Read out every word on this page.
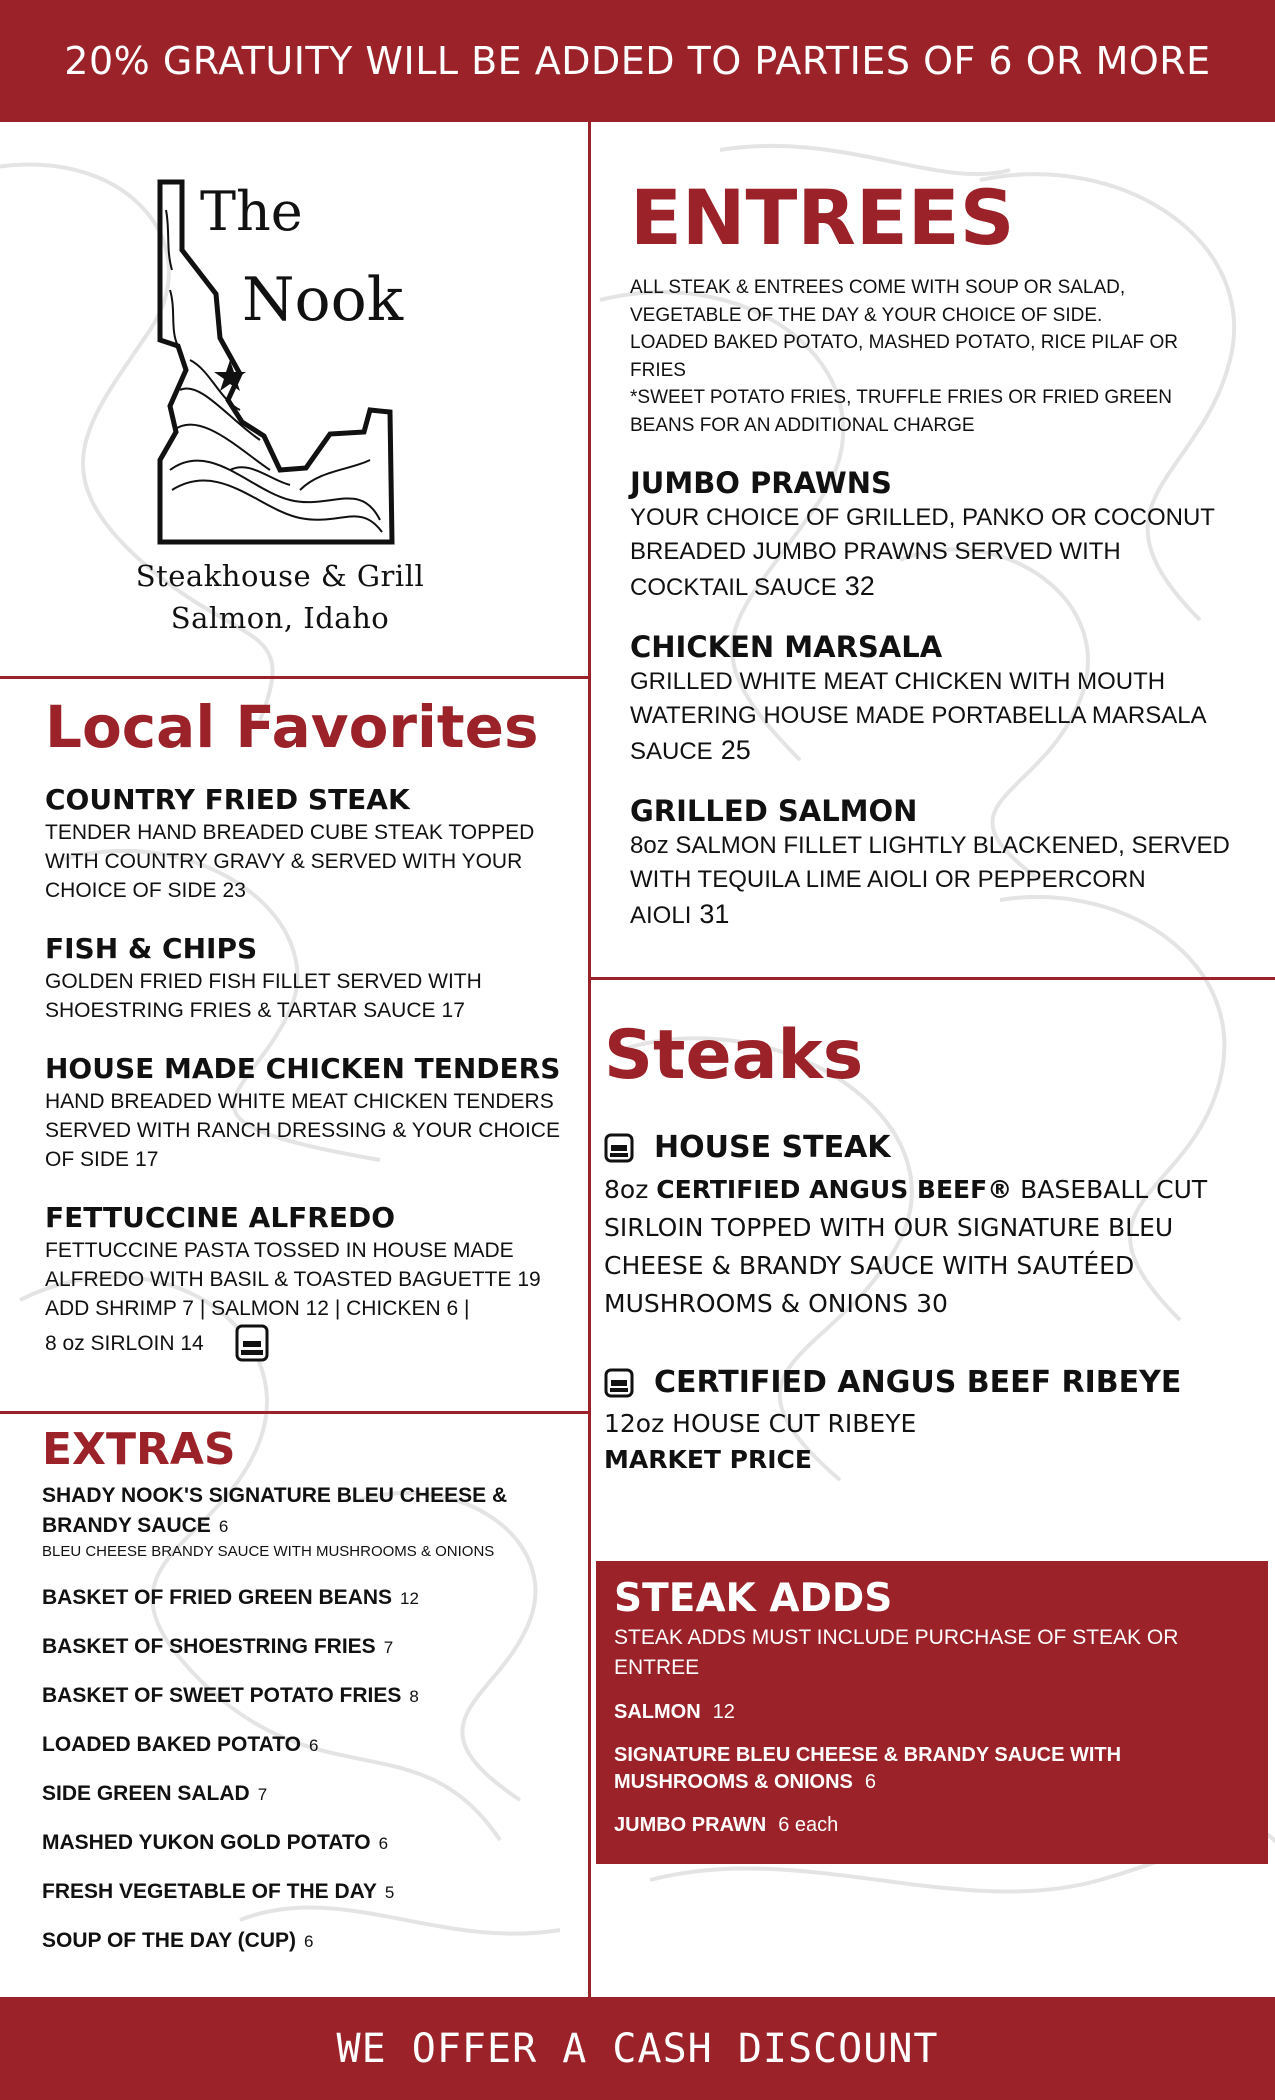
20% GRATUITY WILL BE ADDED TO PARTIES OF 6 OR MORE
The
Nook
Steakhouse & Grill
Salmon, Idaho
Local Favorites
COUNTRY FRIED STEAK
TENDER HAND BREADED CUBE STEAK TOPPED WITH COUNTRY GRAVY & SERVED WITH YOUR CHOICE OF SIDE 23
FISH & CHIPS
GOLDEN FRIED FISH FILLET SERVED WITH SHOESTRING FRIES & TARTAR SAUCE 17
HOUSE MADE CHICKEN TENDERS
HAND BREADED WHITE MEAT CHICKEN TENDERS SERVED WITH RANCH DRESSING & YOUR CHOICE OF SIDE 17
FETTUCCINE ALFREDO
FETTUCCINE PASTA TOSSED IN HOUSE MADE ALFREDO WITH BASIL & TOASTED BAGUETTE 19
ADD SHRIMP 7 | SALMON 12 | CHICKEN 6 |
8 oz SIRLOIN 14
EXTRAS
SHADY NOOK'S SIGNATURE BLEU CHEESE & BRANDY SAUCE 6
BLEU CHEESE BRANDY SAUCE WITH MUSHROOMS & ONIONS
BASKET OF FRIED GREEN BEANS 12
BASKET OF SHOESTRING FRIES 7
BASKET OF SWEET POTATO FRIES 8
LOADED BAKED POTATO 6
SIDE GREEN SALAD 7
MASHED YUKON GOLD POTATO 6
FRESH VEGETABLE OF THE DAY 5
SOUP OF THE DAY (CUP) 6
ENTREES
ALL STEAK & ENTREES COME WITH SOUP OR SALAD,
VEGETABLE OF THE DAY & YOUR CHOICE OF SIDE.
LOADED BAKED POTATO, MASHED POTATO, RICE PILAF OR
FRIES
*SWEET POTATO FRIES, TRUFFLE FRIES OR FRIED GREEN
BEANS FOR AN ADDITIONAL CHARGE
JUMBO PRAWNS
YOUR CHOICE OF GRILLED, PANKO OR COCONUT BREADED JUMBO PRAWNS SERVED WITH COCKTAIL SAUCE 32
CHICKEN MARSALA
GRILLED WHITE MEAT CHICKEN WITH MOUTH WATERING HOUSE MADE PORTABELLA MARSALA SAUCE 25
GRILLED SALMON
8oz SALMON FILLET LIGHTLY BLACKENED, SERVED WITH TEQUILA LIME AIOLI OR PEPPERCORN AIOLI 31
Steaks
HOUSE STEAK
8oz CERTIFIED ANGUS BEEF® BASEBALL CUT SIRLOIN TOPPED WITH OUR SIGNATURE BLEU CHEESE & BRANDY SAUCE WITH SAUTÉED MUSHROOMS & ONIONS 30
CERTIFIED ANGUS BEEF RIBEYE
12oz HOUSE CUT RIBEYE
MARKET PRICE
STEAK ADDS
STEAK ADDS MUST INCLUDE PURCHASE OF STEAK OR ENTREE
SALMON 12
SIGNATURE BLEU CHEESE & BRANDY SAUCE WITH MUSHROOMS & ONIONS 6
JUMBO PRAWN 6 each
WE OFFER A CASH DISCOUNT
